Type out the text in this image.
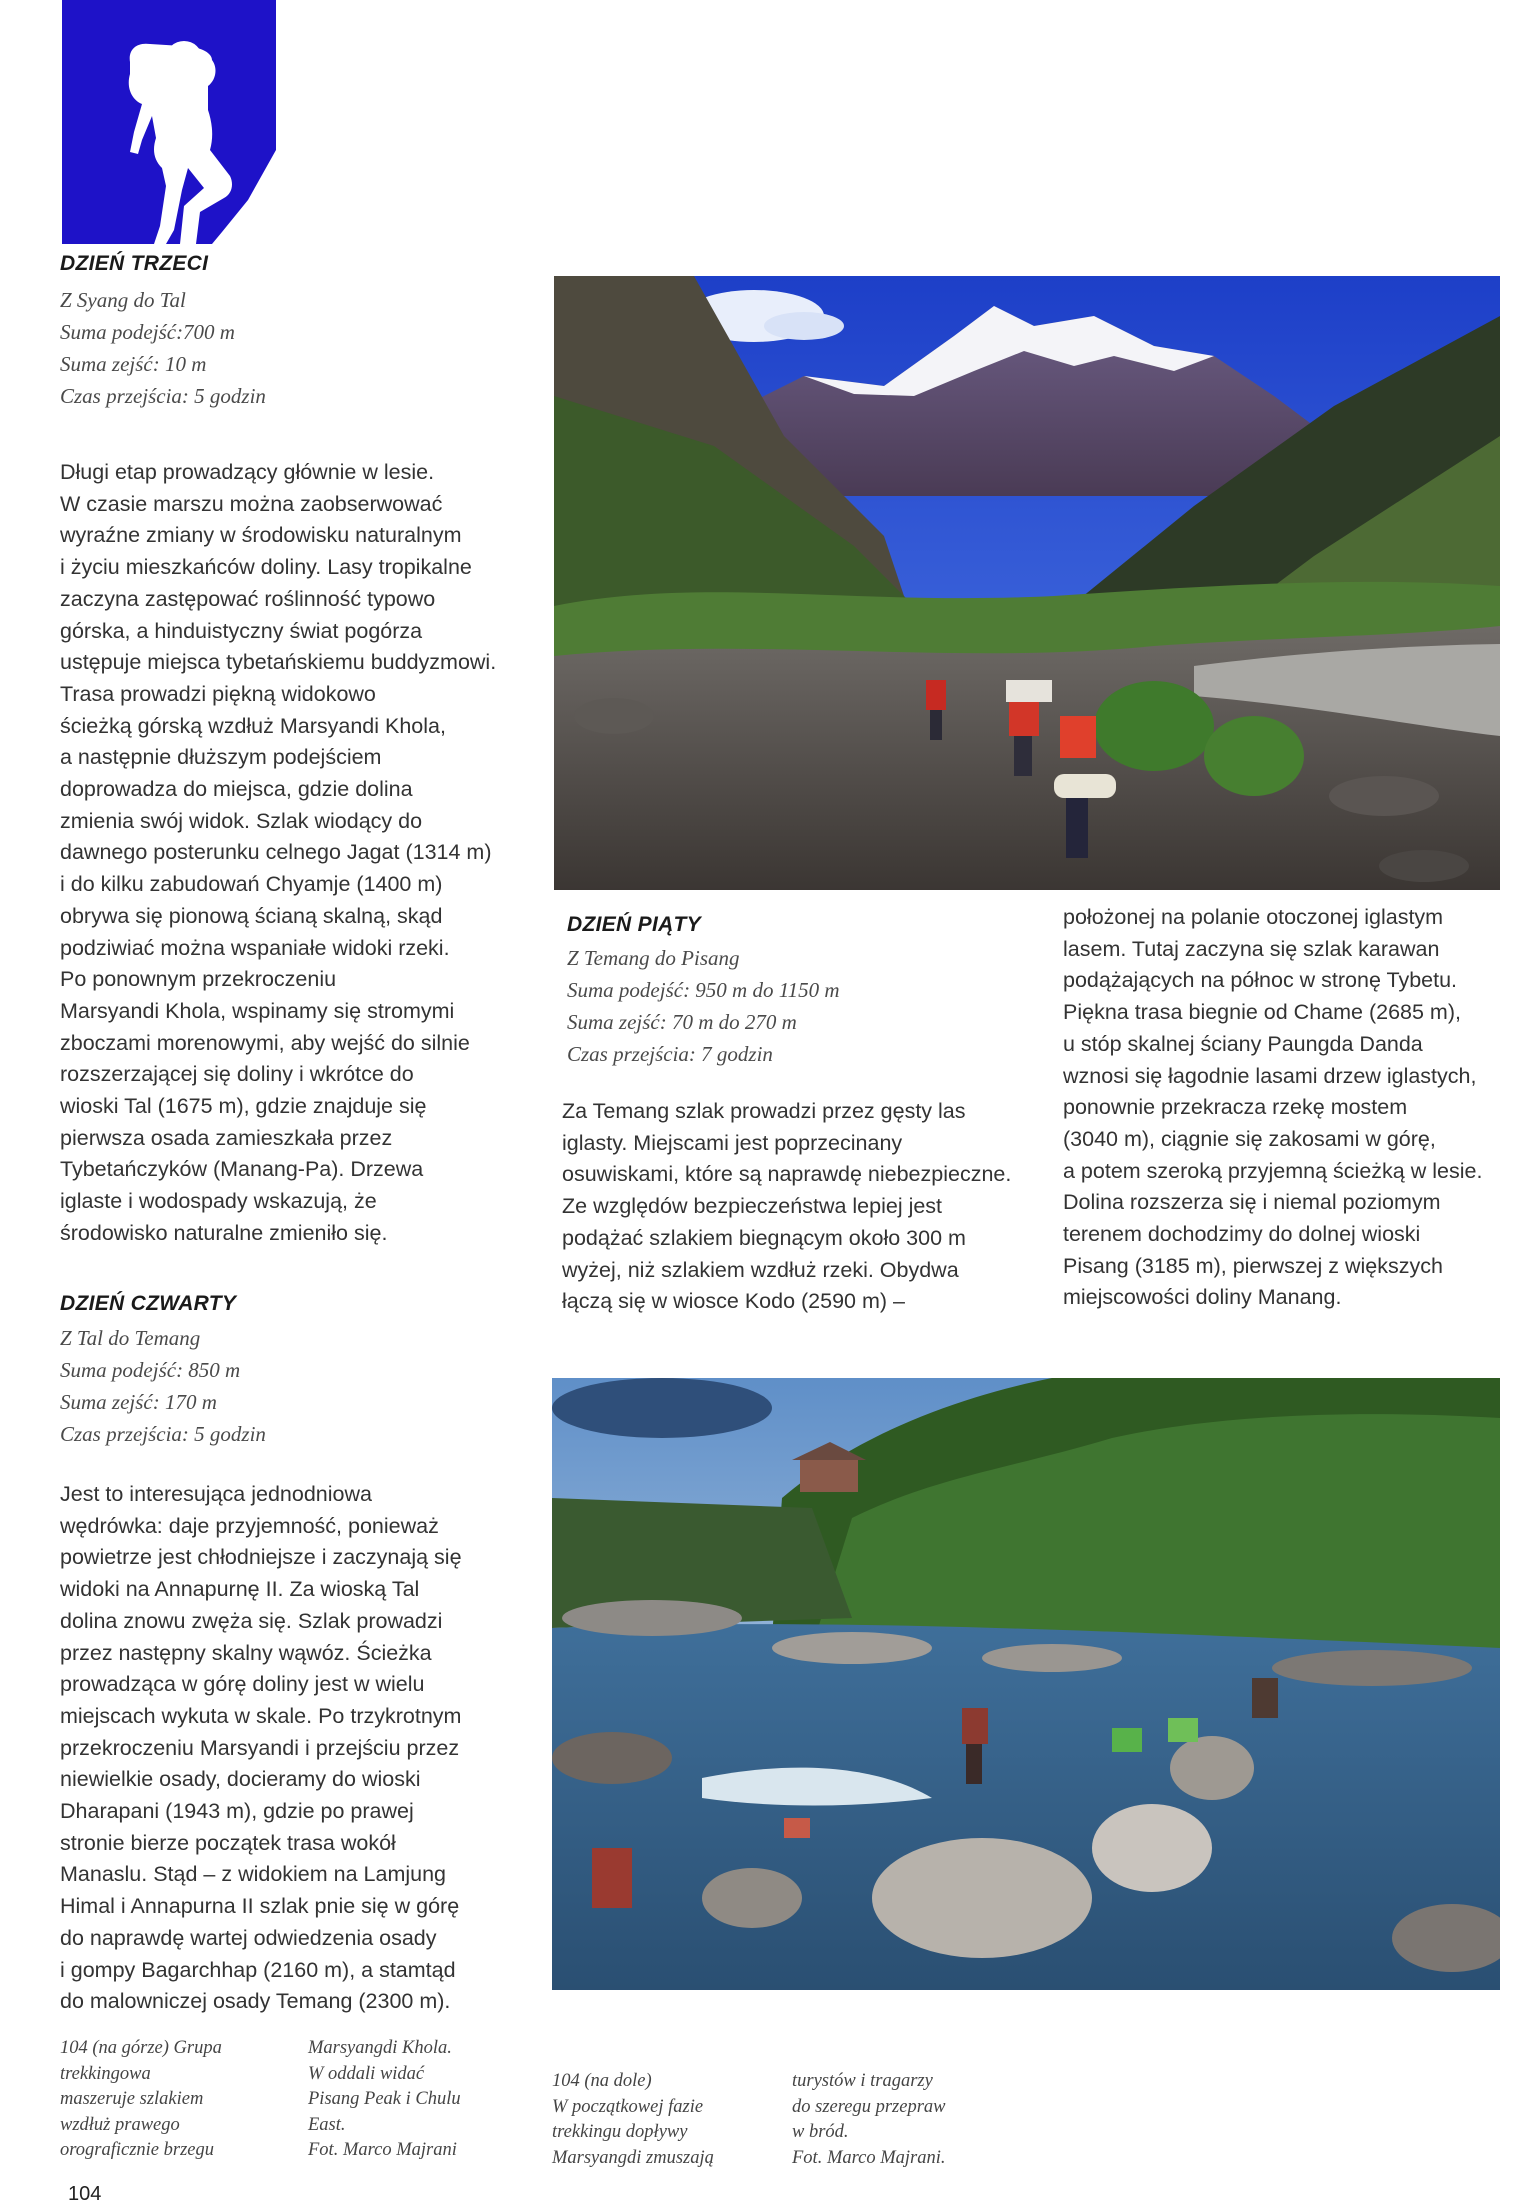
DZIEŃ TRZECI
Z Syang do Tal
Suma podejść:700 m
Suma zejść: 10 m
Czas przejścia: 5 godzin
Długi etap prowadzący głównie w lesie.
W czasie marszu można zaobserwować
wyraźne zmiany w środowisku naturalnym
i życiu mieszkańców doliny. Lasy tropikalne
zaczyna zastępować roślinność typowo
górska, a hinduistyczny świat pogórza
ustępuje miejsca tybetańskiemu buddyzmowi.
Trasa prowadzi piękną widokowo
ścieżką górską wzdłuż Marsyandi Khola,
a następnie dłuższym podejściem
doprowadza do miejsca, gdzie dolina
zmienia swój widok. Szlak wiodący do
dawnego posterunku celnego Jagat (1314 m)
i do kilku zabudowań Chyamje (1400 m)
obrywa się pionową ścianą skalną, skąd
podziwiać można wspaniałe widoki rzeki.
Po ponownym przekroczeniu
Marsyandi Khola, wspinamy się stromymi
zboczami morenowymi, aby wejść do silnie
rozszerzającej się doliny i wkrótce do
wioski Tal (1675 m), gdzie znajduje się
pierwsza osada zamieszkała przez
Tybetańczyków (Manang-Pa). Drzewa
iglaste i wodospady wskazują, że
środowisko naturalne zmieniło się.
DZIEŃ CZWARTY
Z Tal do Temang
Suma podejść: 850 m
Suma zejść: 170 m
Czas przejścia: 5 godzin
Jest to interesująca jednodniowa
wędrówka: daje przyjemność, ponieważ
powietrze jest chłodniejsze i zaczynają się
widoki na Annapurnę II. Za wioską Tal
dolina znowu zwęża się. Szlak prowadzi
przez następny skalny wąwóz. Ścieżka
prowadząca w górę doliny jest w wielu
miejscach wykuta w skale. Po trzykrotnym
przekroczeniu Marsyandi i przejściu przez
niewielkie osady, docieramy do wioski
Dharapani (1943 m), gdzie po prawej
stronie bierze początek trasa wokół
Manaslu. Stąd – z widokiem na Lamjung
Himal i Annapurna II szlak pnie się w górę
do naprawdę wartej odwiedzenia osady
i gompy Bagarchhap (2160 m), a stamtąd
do malowniczej osady Temang (2300 m).
DZIEŃ PIĄTY
Z Temang do Pisang
Suma podejść: 950 m do 1150 m
Suma zejść: 70 m do 270 m
Czas przejścia: 7 godzin
Za Temang szlak prowadzi przez gęsty las
iglasty. Miejscami jest poprzecinany
osuwiskami, które są naprawdę niebezpieczne.
Ze względów bezpieczeństwa lepiej jest
podążać szlakiem biegnącym około 300 m
wyżej, niż szlakiem wzdłuż rzeki. Obydwa
łączą się w wiosce Kodo (2590 m) –
położonej na polanie otoczonej iglastym
lasem. Tutaj zaczyna się szlak karawan
podążających na północ w stronę Tybetu.
Piękna trasa biegnie od Chame (2685 m),
u stóp skalnej ściany Paungda Danda
wznosi się łagodnie lasami drzew iglastych,
ponownie przekracza rzekę mostem
(3040 m), ciągnie się zakosami w górę,
a potem szeroką przyjemną ścieżką w lesie.
Dolina rozszerza się i niemal poziomym
terenem dochodzimy do dolnej wioski
Pisang (3185 m), pierwszej z większych
miejscowości doliny Manang.
104 (na górze) Grupa
trekkingowa
maszeruje szlakiem
wzdłuż prawego
orograficznie brzegu
Marsyangdi Khola.
W oddali widać
Pisang Peak i Chulu
East.
Fot. Marco Majrani
104 (na dole)
W początkowej fazie
trekkingu dopływy
Marsyangdi zmuszają
turystów i tragarzy
do szeregu przepraw
w bród.
Fot. Marco Majrani.
104
